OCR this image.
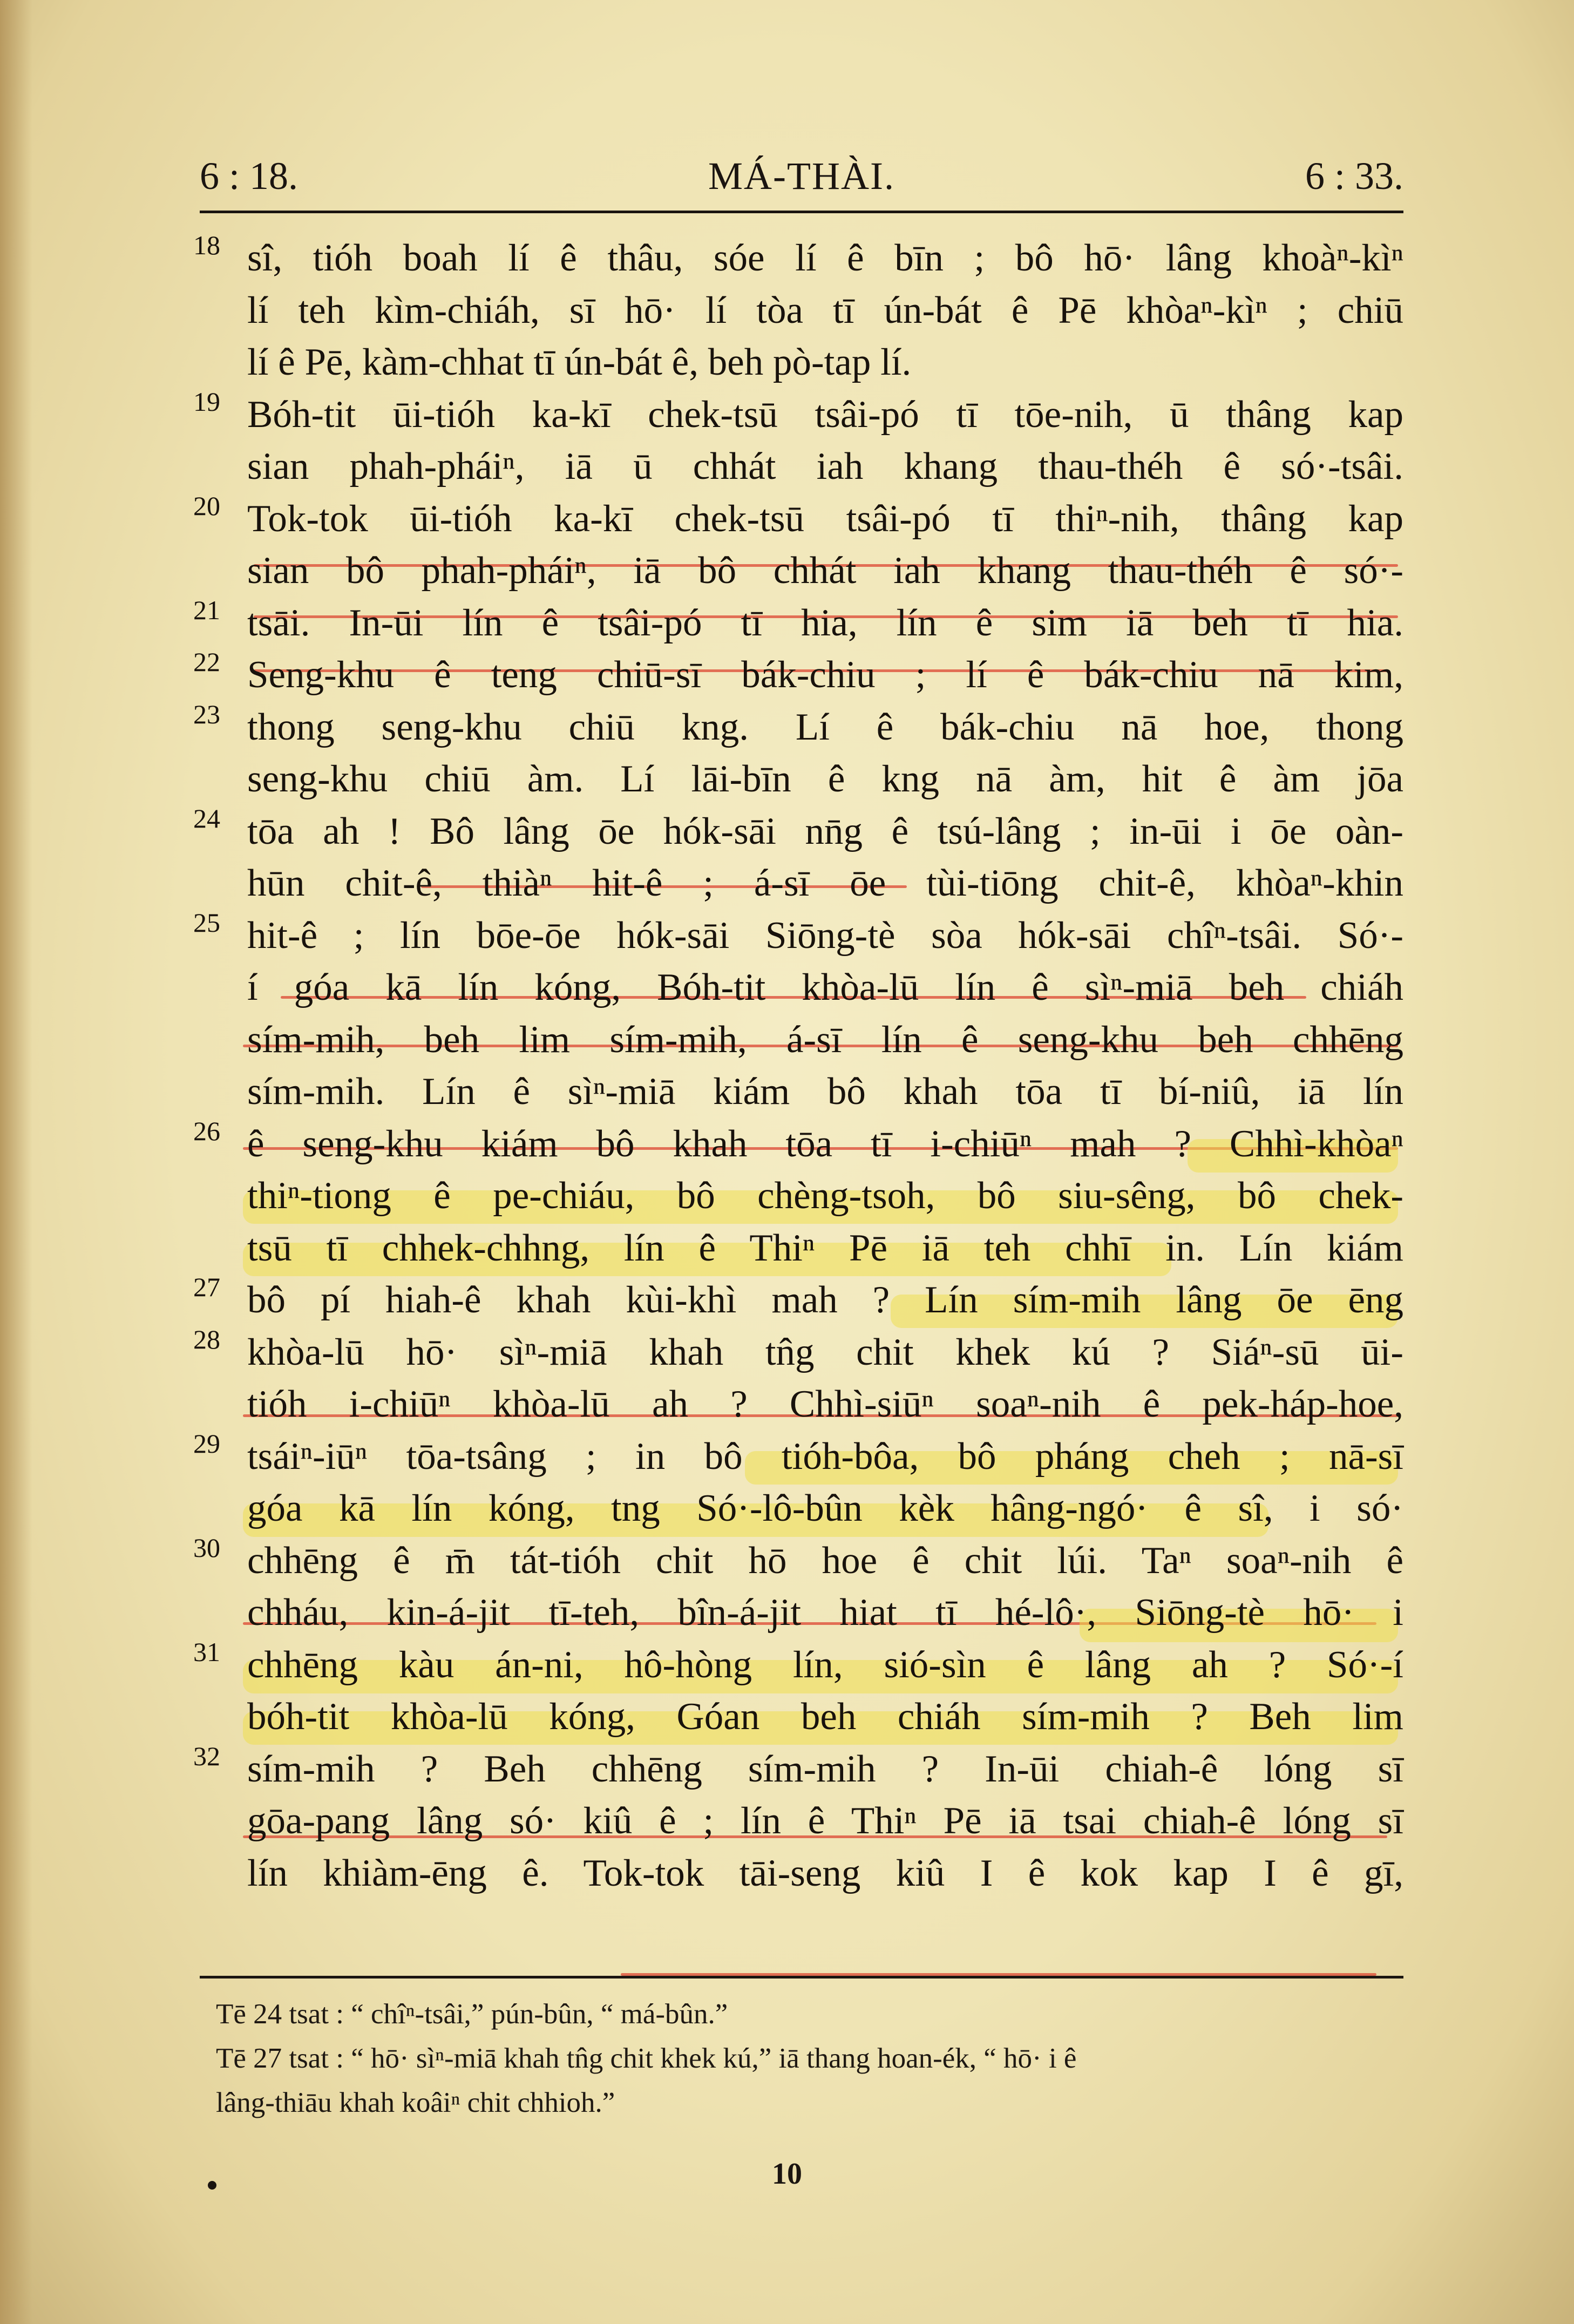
MÁ-THÀI.
6 : 18.	6 : 33.
18 sî, tióh boah lí ê thâu, sóe lí ê bīn ; bô hō· lâng khoàⁿ-kìⁿ
lí teh kìm-chiáh, sī hō· lí tòa tī ún-bát ê Pē khòaⁿ-kìⁿ ; chiū
lí ê Pē, kàm-chhat tī ún-bát ê, beh pò-tap lí.
19 Bóh-tit ūi-tióh ka-kī chek-tsū tsâi-pó tī tōe-nih, ū thâng kap
sian phah-pháiⁿ, iā ū chhát iah khang thau-théh ê só·-tsâi.
20 Tok-tok ūi-tióh ka-kī chek-tsū tsâi-pó tī thiⁿ-nih, thâng kap
sian bô phah-pháiⁿ, iā bô chhát iah khang thau-théh ê só·-
21 tsāi. In-ūi lín ê tsâi-pó tī hia, lín ê sim iā beh tī hia.
22 Seng-khu ê teng chiū-sī bák-chiu ; lí ê bák-chiu nā kim,
23 thong seng-khu chiū kng. Lí ê bák-chiu nā hoe, thong
seng-khu chiū àm. Lí lāi-bīn ê kng nā àm, hit ê àm jōa
24 tōa ah ! Bô lâng ōe hók-sāi nn̄g ê tsú-lâng ; in-ūi i ōe oàn-
hūn chit-ê, thiàⁿ hit-ê ; á-sī ōe tùi-tiōng chit-ê, khòaⁿ-khin
25 hit-ê ; lín bōe-ōe hók-sāi Siōng-tè sòa hók-sāi chîⁿ-tsâi. Só·-
í góa kā lín kóng, Bóh-tit khòa-lū lín ê sìⁿ-miā beh chiáh
sím-mih, beh lim sím-mih, á-sī lín ê seng-khu beh chhēng
sím-mih. Lín ê sìⁿ-miā kiám bô khah tōa tī bí-niû, iā lín
26 ê seng-khu kiám bô khah tōa tī i-chiūⁿ mah ? Chhì-khòaⁿ
thiⁿ-tiong ê pe-chiáu, bô chèng-tsoh, bô siu-sêng, bô chek-
tsū tī chhek-chhng, lín ê Thiⁿ Pē iā teh chhī in. Lín kiám
27 bô pí hiah-ê khah kùi-khì mah ? Lín sím-mih lâng ōe ēng
28 khòa-lū hō· sìⁿ-miā khah tn̂g chit khek kú ? Siáⁿ-sū ūi-
tióh i-chiūⁿ khòa-lū ah ? Chhì-siūⁿ soaⁿ-nih ê pek-háp-hoe,
29 tsáiⁿ-iūⁿ tōa-tsâng ; in bô tióh-bôa, bô pháng cheh ; nā-sī
góa kā lín kóng, tng Só·-lô-bûn kèk hâng-ngó· ê sî, i só·
30 chhēng ê m̄ tát-tióh chit hō hoe ê chit lúi. Taⁿ soaⁿ-nih ê
chháu, kin-á-jit tī-teh, bîn-á-jit hiat tī hé-lô·, Siōng-tè hō· i
31 chhēng kàu án-ni, hô-hòng lín, sió-sìn ê lâng ah ? Só·-í
bóh-tit khòa-lū kóng, Góan beh chiáh sím-mih ? Beh lim
32 sím-mih ? Beh chhēng sím-mih ? In-ūi chiah-ê lóng sī
gōa-pang lâng só· kiû ê ; lín ê Thiⁿ Pē iā tsai chiah-ê lóng sī
lín khiàm-ēng ê. Tok-tok tāi-seng kiû I ê kok kap I ê gī,
Tē 24 tsat : “ chîⁿ-tsâi,” pún-bûn, “ má-bûn.”
Tē 27 tsat : “ hō· sìⁿ-miā khah tn̂g chit khek kú,” iā thang hoan-ék, “ hō· i ê
lâng-thiāu khah koâiⁿ chit chhioh.”
10
